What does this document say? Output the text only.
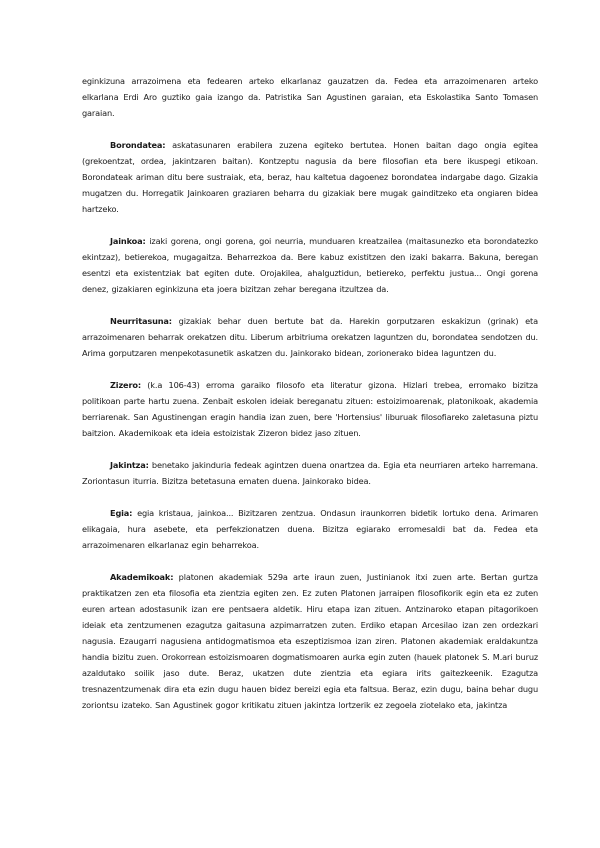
eginkizuna arrazoimena eta fedearen arteko elkarlanaz gauzatzen da. Fedea eta arrazoimenaren arteko elkarlana Erdi Aro guztiko gaia izango da. Patristika San Agustinen garaian, eta Eskolastika Santo Tomasen garaian.

Borondatea: askatasunaren erabilera zuzena egiteko bertutea. Honen baitan dago ongia egitea (grekoentzat, ordea, jakintzaren baitan). Kontzeptu nagusia da bere filosofian eta bere ikuspegi etikoan. Borondateak ariman ditu bere sustraiak, eta, beraz, hau kaltetua dagoenez borondatea indargabe dago. Gizakia mugatzen du. Horregatik Jainkoaren graziaren beharra du gizakiak bere mugak gainditzeko eta ongiaren bidea hartzeko.

Jainkoa: izaki gorena, ongi gorena, goi neurria, munduaren kreatzailea (maitasunezko eta borondatezko ekintzaz), betierekoa, mugagaitza. Beharrezkoa da. Bere kabuz existitzen den izaki bakarra. Bakuna, beregan esentzi eta existentziak bat egiten dute. Orojakilea, ahalguztidun, betiereko, perfektu justua... Ongi gorena denez, gizakiaren eginkizuna eta joera bizitzan zehar beregana itzultzea da.

Neurritasuna: gizakiak behar duen bertute bat da. Harekin gorputzaren eskakizun (grinak) eta arrazoimenaren beharrak orekatzen ditu. Liberum arbitriuma orekatzen laguntzen du, borondatea sendotzen du. Arima gorputzaren menpekotasunetik askatzen du. Jainkorako bidean, zorionerako bidea laguntzen du.

Zizero: (k.a 106-43) erroma garaiko filosofo eta literatur gizona. Hizlari trebea, erromako bizitza politikoan parte hartu zuena. Zenbait eskolen ideiak bereganatu zituen: estoizimoarenak, platonikoak, akademia berriarenak. San Agustinengan eragin handia izan zuen, bere 'Hortensius' liburuak filosofiareko zaletasuna piztu baitzion. Akademikoak eta ideia estoizistak Zizeron bidez jaso zituen.

Jakintza: benetako jakinduria fedeak agintzen duena onartzea da. Egia eta neurriaren arteko harremana. Zoriontasun iturria. Bizitza betetasuna ematen duena. Jainkorako bidea.

Egia: egia kristaua, jainkoa... Bizitzaren zentzua. Ondasun iraunkorren bidetik lortuko dena. Arimaren elikagaia, hura asebete, eta perfekzionatzen duena. Bizitza egiarako erromesaldi bat da. Fedea eta arrazoimenaren elkarlanaz egin beharrekoa.

Akademikoak: platonen akademiak 529a arte iraun zuen, Justinianok itxi zuen arte. Bertan gurtza praktikatzen zen eta filosofia eta zientzia egiten zen. Ez zuten Platonen jarraipen filosofikorik egin eta ez zuten euren artean adostasunik izan ere pentsaera aldetik. Hiru etapa izan zituen. Antzinaroko etapan pitagorikoen ideiak eta zentzumenen ezagutza gaitasuna azpimarratzen zuten. Erdiko etapan Arcesilao izan zen ordezkari nagusia. Ezaugarri nagusiena antidogmatismoa eta eszeptizismoa izan ziren. Platonen akademiak eraldakuntza handia bizitu zuen. Orokorrean estoizismoaren dogmatismoaren aurka egin zuten (hauek platonek S. M.ari buruz azaldutako soilik jaso dute. Beraz, ukatzen dute zientzia eta egiara irits gaitezkeenik. Ezagutza tresnazentzumenak dira eta ezin dugu hauen bidez bereizi egia eta faltsua. Beraz, ezin dugu, baina behar dugu zoriontsu izateko. San Agustinek gogor kritikatu zituen jakintza lortzerik ez zegoela ziotelako eta, jakintza
